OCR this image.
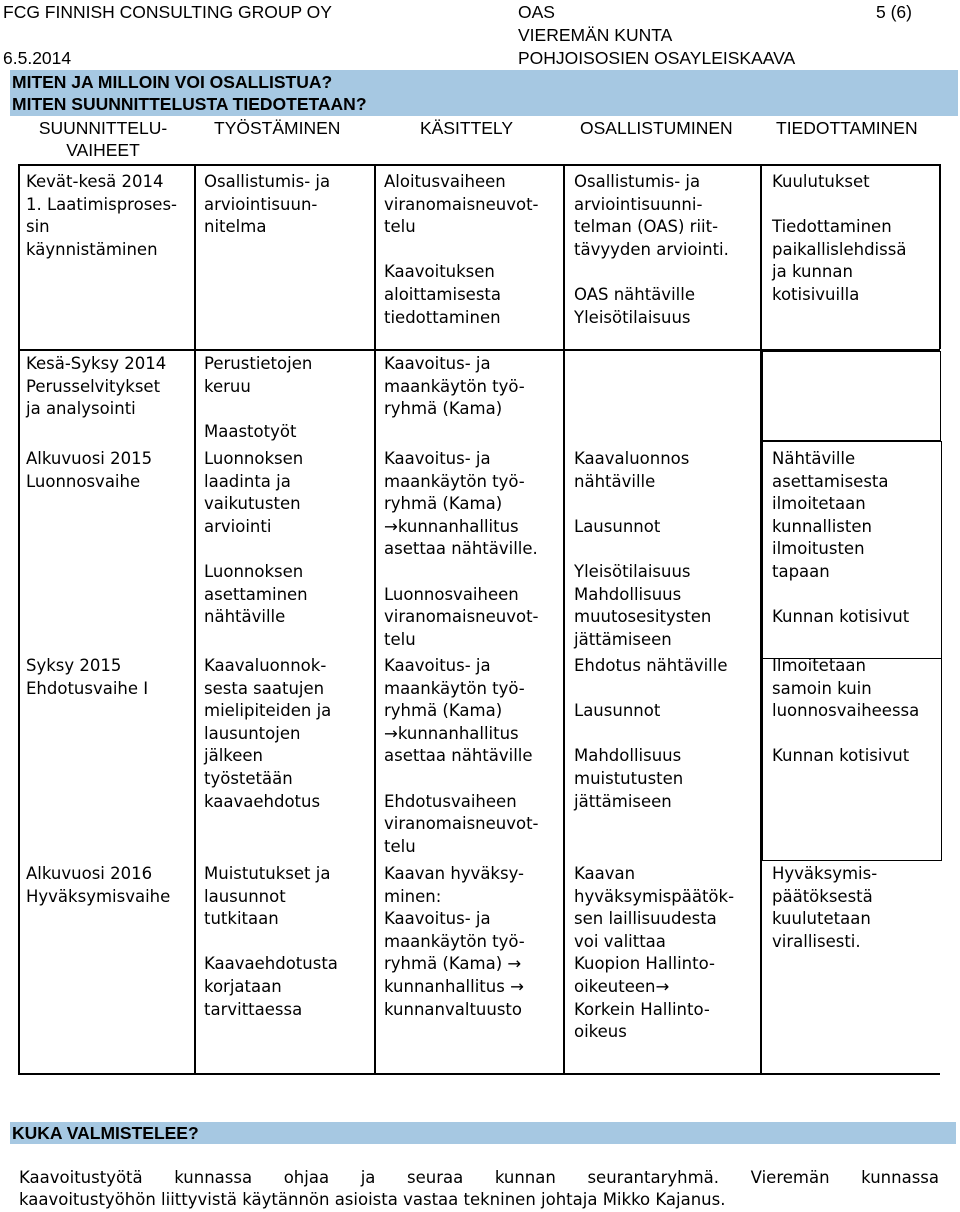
FCG FINNISH CONSULTING GROUP OY
6.5.2014
OAS
VIEREMÄN KUNTA
POHJOISOSIEN OSAYLEISKAAVA
5 (6)
MITEN JA MILLOIN VOI OSALLISTUA?
MITEN SUUNNITTELUSTA TIEDOTETAAN?
SUUNNITTELU-
VAIHEET
TYÖSTÄMINEN	KÄSITTELY	OSALLISTUMINEN TIEDOTTAMINEN
Kevät-kesä 2014
1. Laatimisproses-
sin
käynnistäminen
Osallistumis- ja
arviointisuun-
nitelma
Aloitusvaiheen
viranomaisneuvot-
telu

Kaavoituksen
aloittamisesta
tiedottaminen
Osallistumis- ja
arviointisuunni-
telman (OAS) riit-
tävyyden arviointi.

OAS nähtäville
Yleisötilaisuus
Kuulutukset

Tiedottaminen
paikallislehdissä
ja kunnan
kotisivuilla
Kesä-Syksy 2014
Perusselvitykset
ja analysointi
Perustietojen
keruu

Maastotyöt
Kaavoitus- ja
maankäytön työ-
ryhmä (Kama)
Alkuvuosi 2015
Luonnosvaihe
Luonnoksen
laadinta ja
vaikutusten
arviointi

Luonnoksen
asettaminen
nähtäville
Kaavoitus- ja
maankäytön työ-
ryhmä (Kama)
→kunnanhallitus
asettaa nähtäville.

Luonnosvaiheen
viranomaisneuvot-
telu
Kaavaluonnos
nähtäville

Lausunnot

Yleisötilaisuus
Mahdollisuus
muutosesitysten
jättämiseen
Nähtäville
asettamisesta
ilmoitetaan
kunnallisten
ilmoitusten
tapaan

Kunnan kotisivut
Syksy 2015
Ehdotusvaihe I
Kaavaluonnok-
sesta saatujen
mielipiteiden ja
lausuntojen
jälkeen
työstetään
kaavaehdotus
Kaavoitus- ja
maankäytön työ-
ryhmä (Kama)
→kunnanhallitus
asettaa nähtäville

Ehdotusvaiheen
viranomaisneuvot-
telu
Ehdotus nähtäville

Lausunnot

Mahdollisuus
muistutusten
jättämiseen
Ilmoitetaan
samoin kuin
luonnosvaiheessa

Kunnan kotisivut
Alkuvuosi 2016
Hyväksymisvaihe
Muistutukset ja
lausunnot
tutkitaan

Kaavaehdotusta
korjataan
tarvittaessa
Kaavan hyväksy-
minen:
Kaavoitus- ja
maankäytön työ-
ryhmä (Kama) →
kunnanhallitus →
kunnanvaltuusto
Kaavan
hyväksymispäätök-
sen laillisuudesta
voi valittaa
Kuopion Hallinto-
oikeuteen→
Korkein Hallinto-
oikeus
Hyväksymis-
päätöksestä
kuulutetaan
virallisesti.
KUKA VALMISTELEE?
Kaavoitustyötä kunnassa ohjaa ja seuraa kunnan seurantaryhmä. Vieremän kunnassa
kaavoitustyöhön liittyvistä käytännön asioista vastaa tekninen johtaja Mikko Kajanus.
